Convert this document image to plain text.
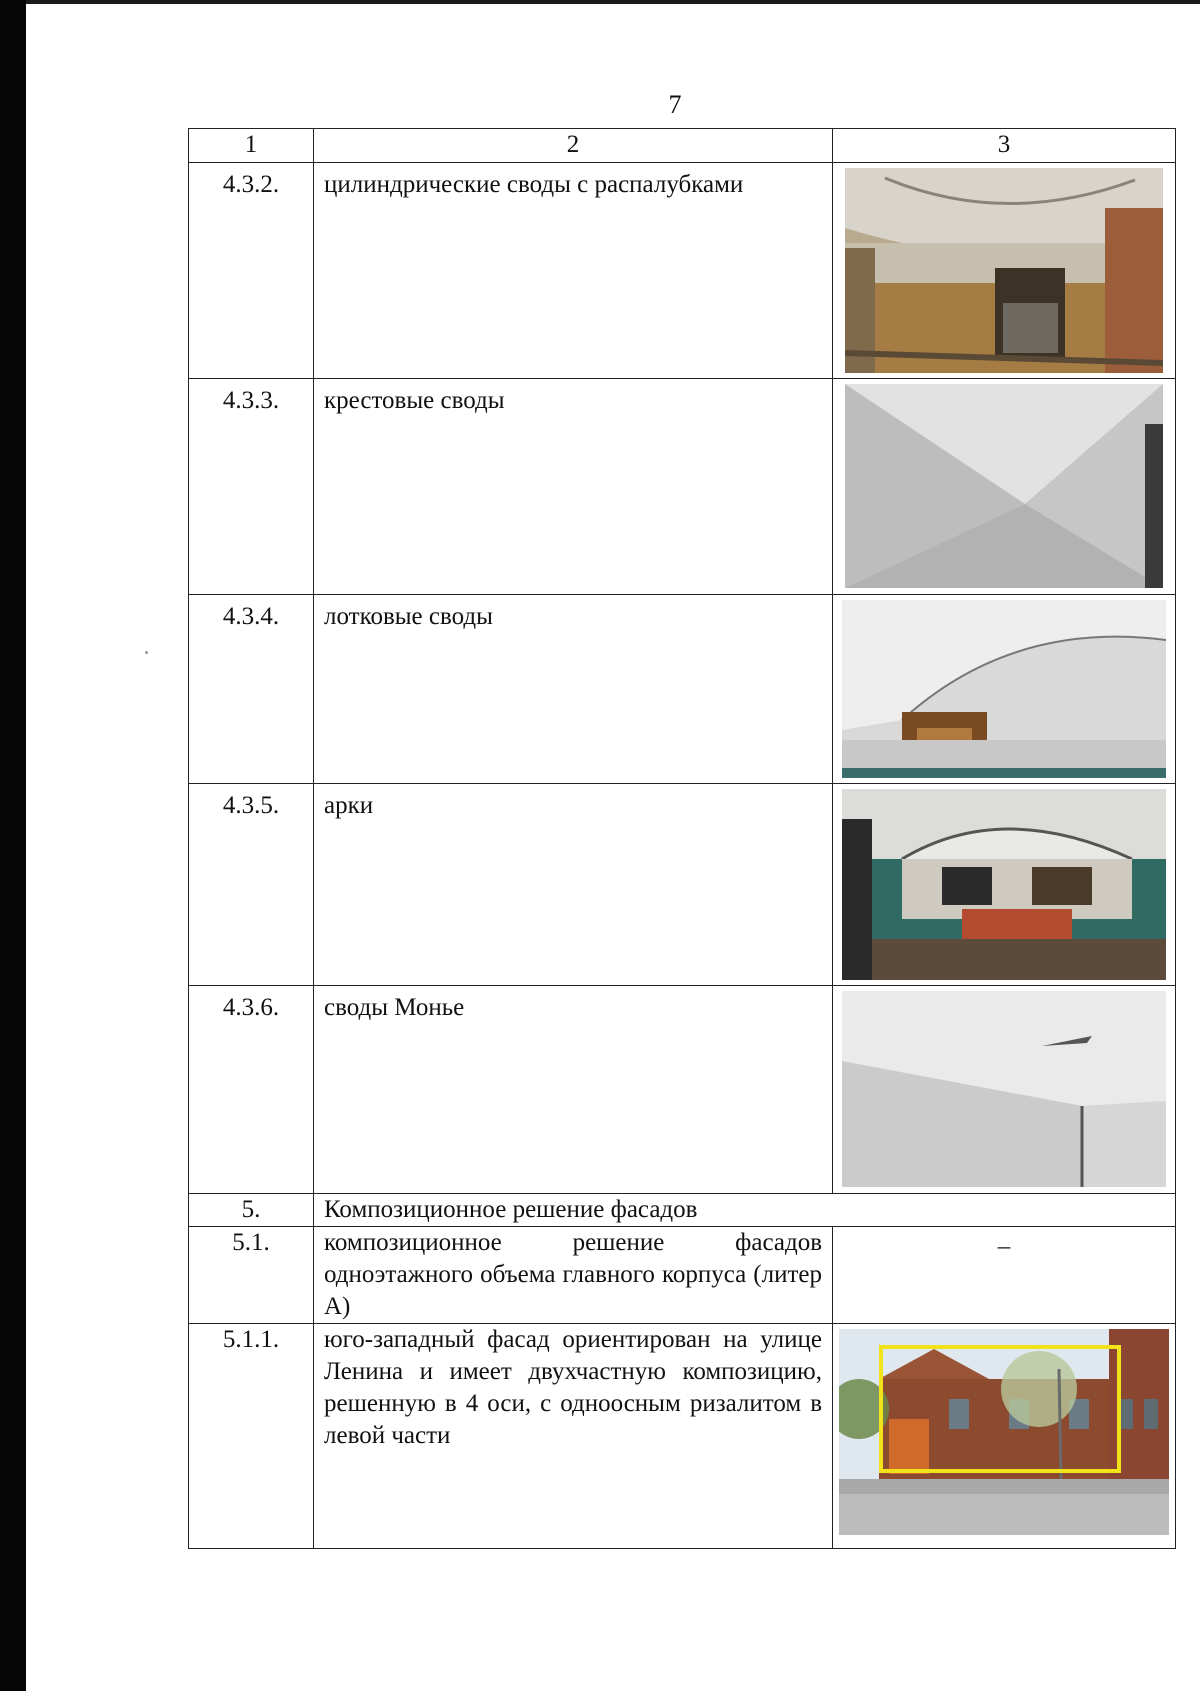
7
1	2	3

4.3.2.	цилиндрические своды с распалубками

4.3.3.	крестовые своды

4.3.4.	лотковые своды

4.3.5.	арки

4.3.6.	своды Монье

5.	Композиционное решение фасадов	

5.1.	композиционное решение фасадов одноэтажного объема главного корпуса (литер А)	–

5.1.1.	юго-западный фасад ориентирован на улице Ленина и имеет двухчастную композицию, решенную в 4 оси, с одноосным ризалитом в левой части
